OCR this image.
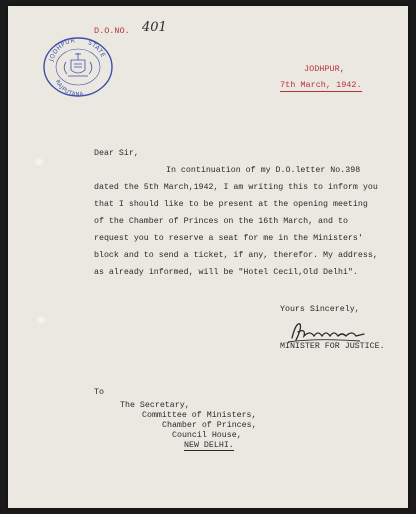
D.O.NO. 401
JODHPUR STATE
RAJPUTANA
JODHPUR,
7th March, 1942.
Dear Sir,
In continuation of my D.O.letter No.398
dated the 5th March,1942, I am writing this to inform you
that I should like to be present at the opening meeting
of the Chamber of Princes on the 16th March, and to
request you to reserve a seat for me in the Ministers'
block and to send a ticket, if any, therefor. My address,
as already informed, will be "Hotel Cecil,Old Delhi".
Yours Sincerely,
MINISTER FOR JUSTICE.
To
The Secretary,
Committee of Ministers,
Chamber of Princes,
Council House,
NEW DELHI.
